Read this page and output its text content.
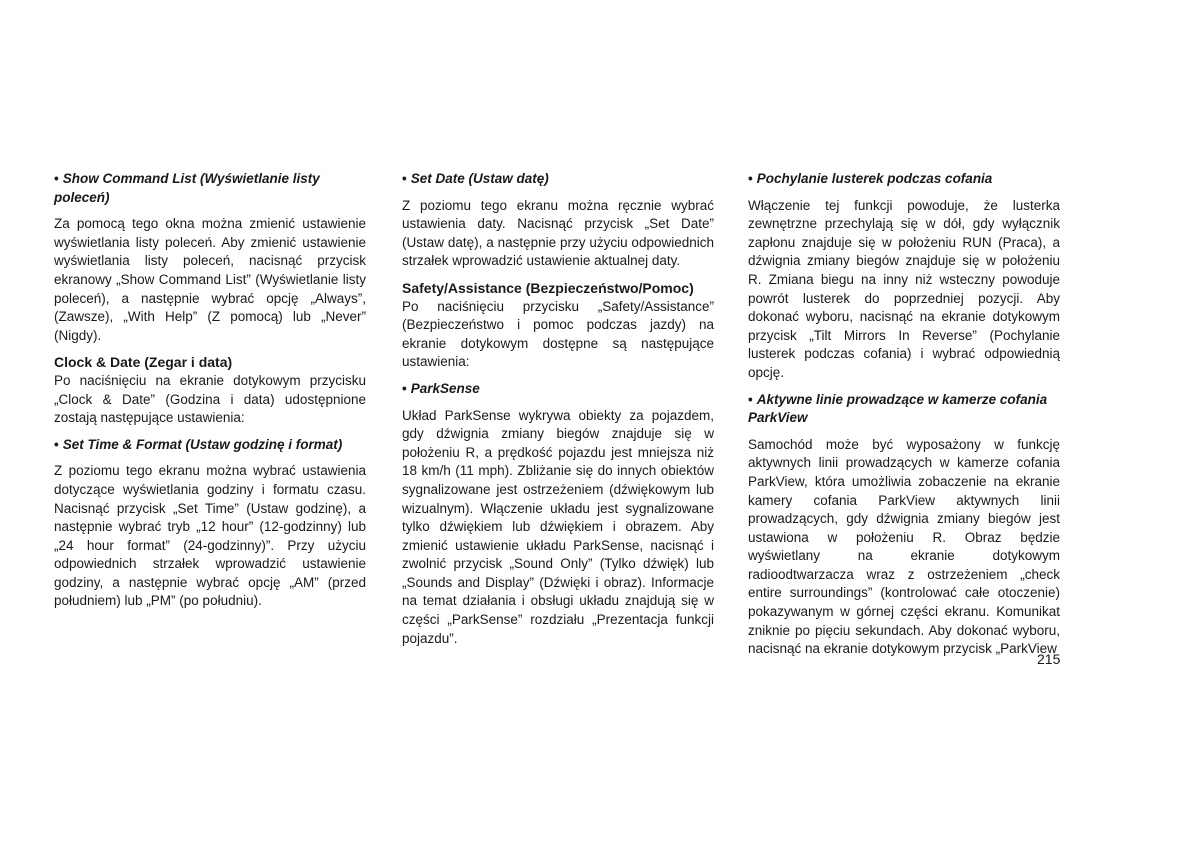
• Show Command List (Wyświetlanie listy poleceń)

Za pomocą tego okna można zmienić ustawienie wyświetlania listy poleceń. Aby zmienić ustawienie wyświetlania listy poleceń, nacisnąć przycisk ekranowy „Show Command List” (Wyświetlanie listy poleceń), a następnie wybrać opcję „Always”, (Zawsze), „With Help” (Z pomocą) lub „Never” (Nigdy).

Clock & Date (Zegar i data)

Po naciśnięciu na ekranie dotykowym przycisku „Clock & Date” (Godzina i data) udostępnione zostają następujące ustawienia:

• Set Time & Format (Ustaw godzinę i format)

Z poziomu tego ekranu można wybrać ustawienia dotyczące wyświetlania godziny i formatu czasu. Nacisnąć przycisk „Set Time” (Ustaw godzinę), a następnie wybrać tryb „12 hour” (12-godzinny) lub „24 hour format” (24-godzinny)”. Przy użyciu odpowiednich strzałek wprowadzić ustawienie godziny, a następnie wybrać opcję „AM” (przed południem) lub „PM” (po południu).

• Set Date (Ustaw datę)

Z poziomu tego ekranu można ręcznie wybrać ustawienia daty. Nacisnąć przycisk „Set Date” (Ustaw datę), a następnie przy użyciu odpowiednich strzałek wprowadzić ustawienie aktualnej daty.

Safety/Assistance (Bezpieczeństwo/Pomoc)

Po naciśnięciu przycisku „Safety/Assistance” (Bezpieczeństwo i pomoc podczas jazdy) na ekranie dotykowym dostępne są następujące ustawienia:

• ParkSense

Układ ParkSense wykrywa obiekty za pojazdem, gdy dźwignia zmiany biegów znajduje się w położeniu R, a prędkość pojazdu jest mniejsza niż 18 km/h (11 mph). Zbliżanie się do innych obiektów sygnalizowane jest ostrzeżeniem (dźwiękowym lub wizualnym). Włączenie układu jest sygnalizowane tylko dźwiękiem lub dźwiękiem i obrazem. Aby zmienić ustawienie układu ParkSense, nacisnąć i zwolnić przycisk „Sound Only” (Tylko dźwięk) lub „Sounds and Display” (Dźwięki i obraz). Informacje na temat działania i obsługi układu znajdują się w części „ParkSense” rozdziału „Prezentacja funkcji pojazdu”.

• Pochylanie lusterek podczas cofania

Włączenie tej funkcji powoduje, że lusterka zewnętrzne przechylają się w dół, gdy wyłącznik zapłonu znajduje się w położeniu RUN (Praca), a dźwignia zmiany biegów znajduje się w położeniu R. Zmiana biegu na inny niż wsteczny powoduje powrót lusterek do poprzedniej pozycji. Aby dokonać wyboru, nacisnąć na ekranie dotykowym przycisk „Tilt Mirrors In Reverse” (Pochylanie lusterek podczas cofania) i wybrać odpowiednią opcję.

• Aktywne linie prowadzące w kamerze cofania ParkView

Samochód może być wyposażony w funkcję aktywnych linii prowadzących w kamerze cofania ParkView, która umożliwia zobaczenie na ekranie kamery cofania ParkView aktywnych linii prowadzących, gdy dźwignia zmiany biegów jest ustawiona w położeniu R. Obraz będzie wyświetlany na ekranie dotykowym radioodtwarzacza wraz z ostrzeżeniem „check entire surroundings” (kontrolować całe otoczenie) pokazywanym w górnej części ekranu. Komunikat zniknie po pięciu sekundach. Aby dokonać wyboru, nacisnąć na ekranie dotykowym przycisk „ParkView

215
